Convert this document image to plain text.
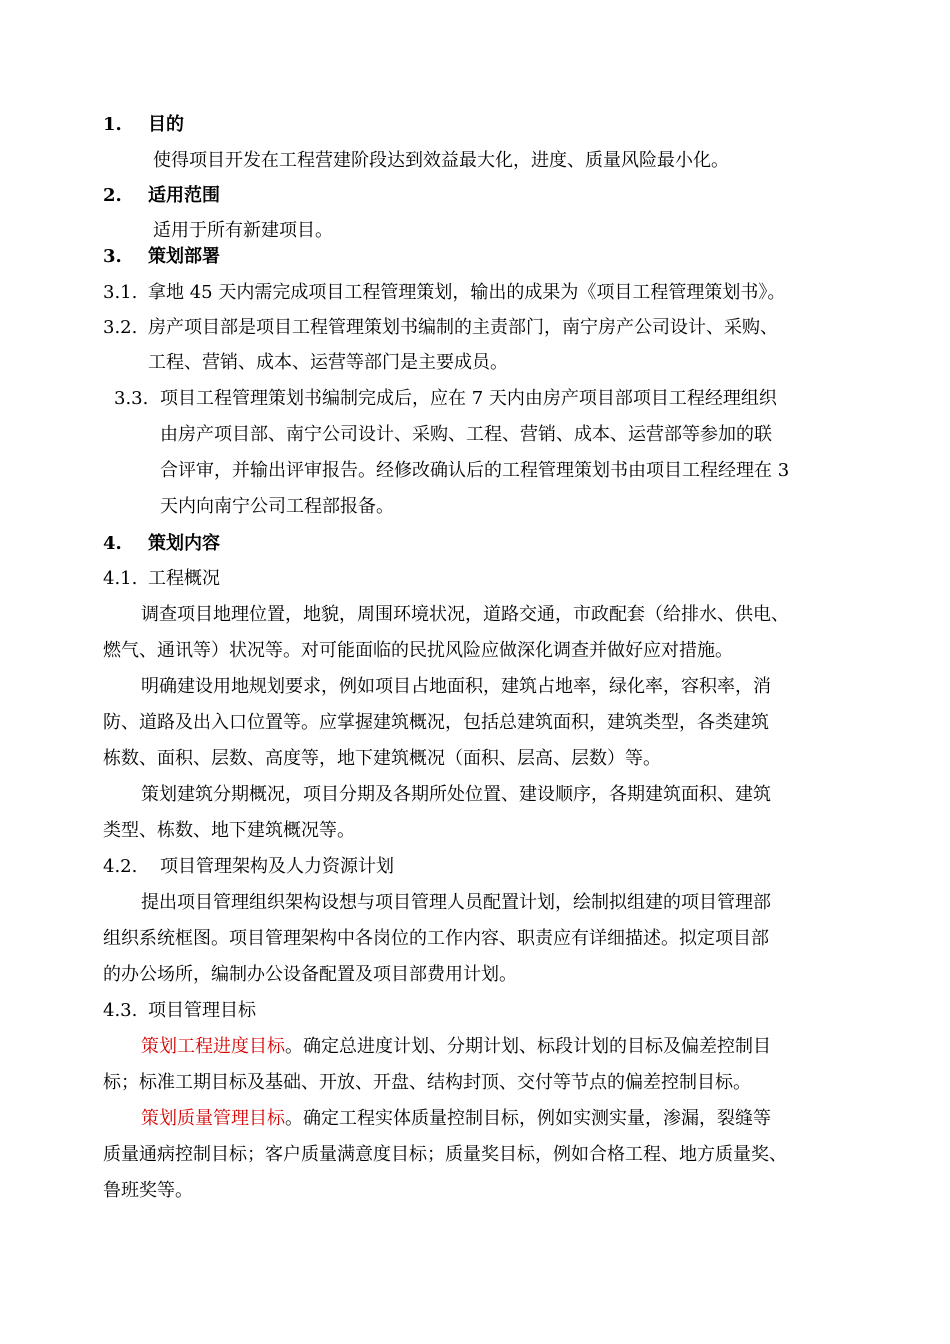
1. 目的
使得项目开发在工程营建阶段达到效益最大化，进度、质量风险最小化。
2. 适用范围
适用于所有新建项目。
3. 策划部署
3.1. 拿地 45 天内需完成项目工程管理策划，输出的成果为《项目工程管理策划书》。
3.2. 房产项目部是项目工程管理策划书编制的主责部门，南宁房产公司设计、采购、
工程、营销、成本、运营等部门是主要成员。
3.3. 项目工程管理策划书编制完成后，应在 7 天内由房产项目部项目工程经理组织
由房产项目部、南宁公司设计、采购、工程、营销、成本、运营部等参加的联
合评审，并输出评审报告。经修改确认后的工程管理策划书由项目工程经理在 3
天内向南宁公司工程部报备。
4. 策划内容
4.1. 工程概况
调查项目地理位置，地貌，周围环境状况，道路交通，市政配套（给排水、供电、
燃气、通讯等）状况等。对可能面临的民扰风险应做深化调查并做好应对措施。
明确建设用地规划要求，例如项目占地面积，建筑占地率，绿化率，容积率，消
防、道路及出入口位置等。应掌握建筑概况，包括总建筑面积，建筑类型，各类建筑
栋数、面积、层数、高度等，地下建筑概况（面积、层高、层数）等。
策划建筑分期概况，项目分期及各期所处位置、建设顺序，各期建筑面积、建筑
类型、栋数、地下建筑概况等。
4.2. 项目管理架构及人力资源计划
提出项目管理组织架构设想与项目管理人员配置计划，绘制拟组建的项目管理部
组织系统框图。项目管理架构中各岗位的工作内容、职责应有详细描述。拟定项目部
的办公场所，编制办公设备配置及项目部费用计划。
4.3. 项目管理目标
策划工程进度目标。确定总进度计划、分期计划、标段计划的目标及偏差控制目
标；标准工期目标及基础、开放、开盘、结构封顶、交付等节点的偏差控制目标。
策划质量管理目标。确定工程实体质量控制目标，例如实测实量，渗漏，裂缝等
质量通病控制目标；客户质量满意度目标；质量奖目标，例如合格工程、地方质量奖、
鲁班奖等。
